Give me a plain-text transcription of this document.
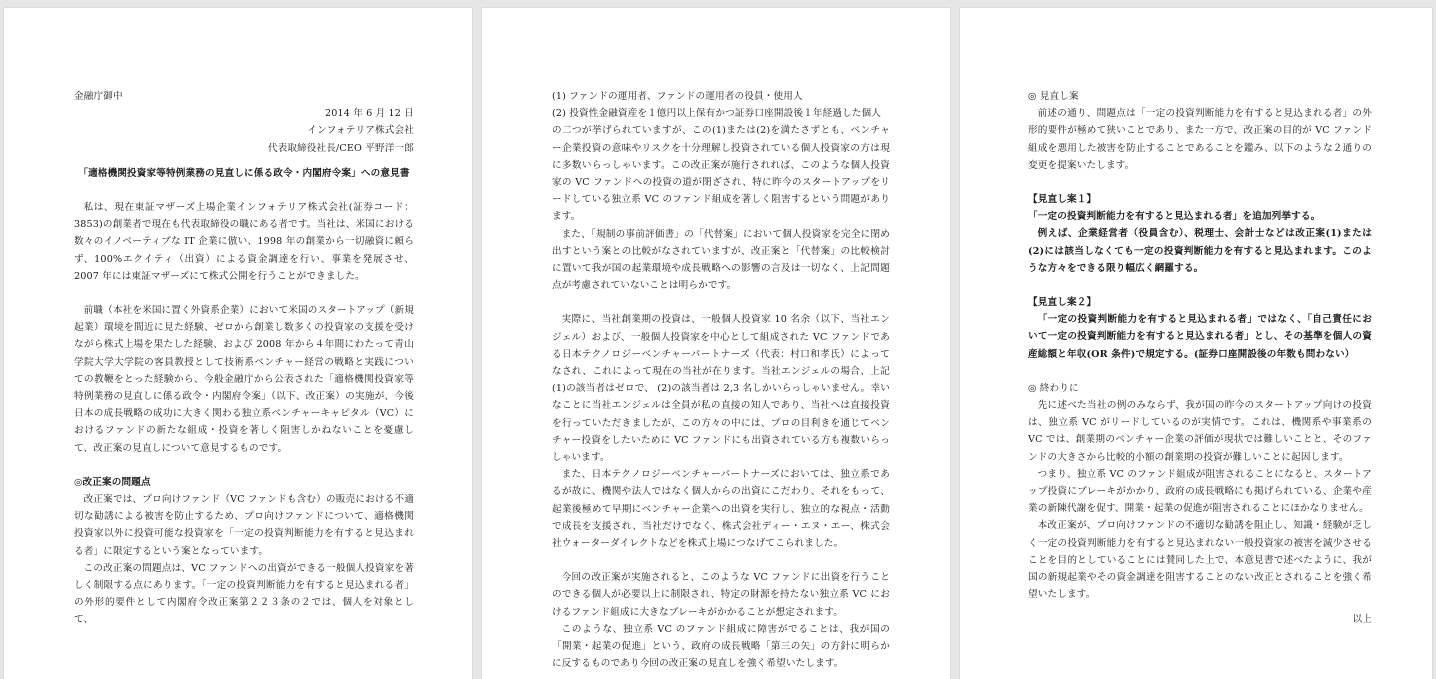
金融庁御中

2014 年 6 月 12 日

インフォテリア株式会社

代表取締役社長/CEO 平野洋一郎

「適格機関投資家等特例業務の見直しに係る政令・内閣府令案」への意見書

私は、現在東証マザーズ上場企業インフォテリア株式会社(証券コード：3853)の創業者で現在も代表取締役の職にある者です。当社は、米国における数々のイノベーティブな IT 企業に倣い、1998 年の創業から一切融資に頼らず、100%エクイティ（出資）による資金調達を行い、事業を発展させ、2007 年には東証マザーズにて株式公開を行うことができました。

前職（本社を米国に置く外資系企業）において米国のスタートアップ（新規起業）環境を間近に見た経験、ゼロから創業し数多くの投資家の支援を受けながら株式上場を果たした経験、および 2008 年から４年間にわたって青山学院大学大学院の客員教授として技術系ベンチャー経営の戦略と実践についての教鞭をとった経験から、今般金融庁から公表された「適格機関投資家等特例業務の見直しに係る政令・内閣府令案」（以下、改正案）の実施が、今後日本の成長戦略の成功に大きく関わる独立系ベンチャーキャピタル（VC）におけるファンドの新たな組成・投資を著しく阻害しかねないことを憂慮して、改正案の見直しについて意見するものです。

◎改正案の問題点

改正案では、プロ向けファンド（VC ファンドも含む）の販売における不適切な勧誘による被害を防止するため、プロ向けファンドについて、適格機関投資家以外に投資可能な投資家を「一定の投資判断能力を有すると見込まれる者」に限定するという案となっています。

この改正案の問題点は、VC ファンドへの出資ができる一般個人投資家を著しく制限する点にあります。「一定の投資判断能力を有すると見込まれる者」の外形的要件として内閣府令改正案第２２３条の２では、個人を対象として、

(1) ファンドの運用者、ファンドの運用者の役員・使用人

(2) 投資性金融資産を１億円以上保有かつ証券口座開設後１年経過した個人

の二つが挙げられていますが、この(1)または(2)を満たさずとも、ベンチャー企業投資の意味やリスクを十分理解し投資されている個人投資家の方は現に多数いらっしゃいます。この改正案が施行されれば、このような個人投資家の VC ファンドへの投資の道が閉ざされ、特に昨今のスタートアップをリードしている独立系 VC のファンド組成を著しく阻害するという問題があります。

また、「規制の事前評価書」の「代替案」において個人投資家を完全に閉め出すという案との比較がなされていますが、改正案と「代替案」の比較検討に置いて我が国の起業環境や成長戦略への影響の言及は一切なく、上記問題点が考慮されていないことは明らかです。

実際に、当社創業期の投資は、一般個人投資家 10 名余（以下、当社エンジェル）および、一般個人投資家を中心として組成された VC ファンドである日本テクノロジーベンチャーパートナーズ（代表：村口和孝氏）によってなされ、これによって現在の当社が在ります。当社エンジェルの場合、上記(1)の該当者はゼロで、 (2)の該当者は 2,3 名しかいらっしゃいません。幸いなことに当社エンジェルは全員が私の直接の知人であり、当社へは直接投資を行っていただきましたが、この方々の中には、プロの目利きを通じてベンチャー投資をしたいために VC ファンドにも出資されている方も複数いらっしゃいます。

また、日本テクノロジーベンチャーパートナーズにおいては、独立系であるが故に、機関や法人ではなく個人からの出資にこだわり、それをもって、起業後極めて早期にベンチャー企業への出資を実行し、独立的な視点・活動で成長を支援され、当社だけでなく、株式会社ディー・エヌ・エー、株式会社ウォーターダイレクトなどを株式上場につなげてこられました。

今回の改正案が実施されると、このような VC ファンドに出資を行うことのできる個人が必要以上に制限され、特定の財源を持たない独立系 VC におけるファンド組成に大きなブレーキがかかることが想定されます。

このような、独立系 VC のファンド組成に障害がでることは、我が国の「開業・起業の促進」という、政府の成長戦略「第三の矢」の方針に明らかに反するものであり今回の改正案の見直しを強く希望いたします。

◎ 見直し案

前述の通り、問題点は「一定の投資判断能力を有すると見込まれる者」の外形的要件が極めて狭いことであり、また一方で、改正案の目的が VC ファンド組成を悪用した被害を防止することであることを鑑み、以下のような２通りの変更を提案いたします。

【見直し案１】

「一定の投資判断能力を有すると見込まれる者」を追加列挙する。

例えば、企業経営者（役員含む）、税理士、会計士などは改正案(1)または(2)には該当しなくても一定の投資判断能力を有すると見込まれます。このような方々をできる限り幅広く網羅する。

【見直し案２】

「一定の投資判断能力を有すると見込まれる者」ではなく、「自己責任において一定の投資判断能力を有すると見込まれる者」とし、その基準を個人の資産総額と年収(OR 条件)で規定する。(証券口座開設後の年数も問わない）

◎ 終わりに

先に述べた当社の例のみならず、我が国の昨今のスタートアップ向けの投資は、独立系 VC がリードしているのが実情です。これは、機関系や事業系の VC では、創業期のベンチャー企業の評価が現状では難しいことと、そのファンドの大きさから比較的小額の創業期の投資が難しいことに起因します。

つまり、独立系 VC のファンド組成が阻害されることになると、スタートアップ投資にブレーキがかかり、政府の成長戦略にも掲げられている、企業や産業の新陳代謝を促す、開業・起業の促進が阻害されることにほかなりません。

本改正案が、プロ向けファンドの不適切な勧誘を阻止し、知識・経験が乏しく一定の投資判断能力を有すると見込まれない一般投資家の被害を減少させることを目的としていることには賛同した上で、本意見書で述べたように、我が国の新規起業やその資金調達を阻害することのない改正とされることを強く希望いたします。

以上
